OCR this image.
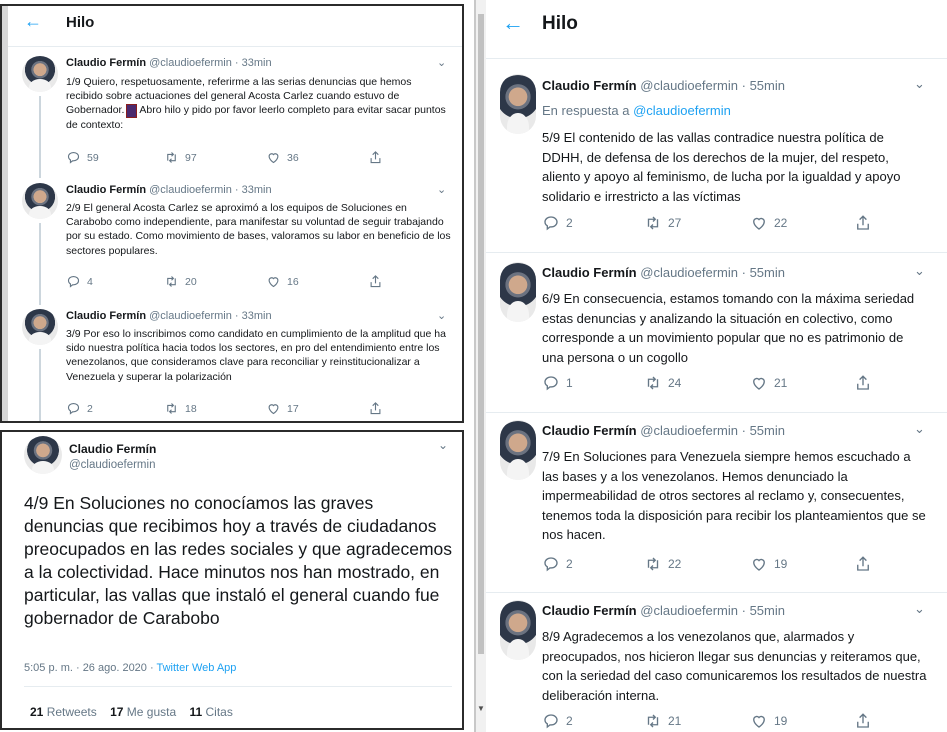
← Hilo
Claudio Fermín @claudioefermin · 33min	⌄
1/9 Quiero, respetuosamente, referirme a las serias denuncias que hemos recibido sobre actuaciones del general Acosta Carlez cuando estuvo de Gobernador. Abro hilo y pido por favor leerlo completo para evitar sacar puntos de contexto:
59	97	36
Claudio Fermín @claudioefermin · 33min	⌄
2/9 El general Acosta Carlez se aproximó a los equipos de Soluciones en Carabobo como independiente, para manifestar su voluntad de seguir trabajando por su estado. Como movimiento de bases, valoramos su labor en beneficio de los sectores populares.
4	20	16
Claudio Fermín @claudioefermin · 33min	⌄
3/9 Por eso lo inscribimos como candidato en cumplimiento de la amplitud que ha sido nuestra política hacia todos los sectores, en pro del entendimiento entre los venezolanos, que consideramos clave para reconciliar y reinstitucionalizar a Venezuela y superar la polarización
2	18	17
Claudio Fermín
@claudioefermin
⌄
4/9 En Soluciones no conocíamos las graves denuncias que recibimos hoy a través de ciudadanos preocupados en las redes sociales y que agradecemos a la colectividad. Hace minutos nos han mostrado, en particular, las vallas que instaló el general cuando fue gobernador de Carabobo
5:05 p. m. · 26 ago. 2020 · Twitter Web App
21 Retweets 17 Me gusta 11 Citas
← Hilo
Claudio Fermín @claudioefermin · 55min	⌄
En respuesta a @claudioefermin
5/9 El contenido de las vallas contradice nuestra política de DDHH, de defensa de los derechos de la mujer, del respeto, aliento y apoyo al feminismo, de lucha por la igualdad y apoyo solidario e irrestricto a las víctimas
2	27	22
Claudio Fermín @claudioefermin · 55min	⌄
6/9 En consecuencia, estamos tomando con la máxima seriedad estas denuncias y analizando la situación en colectivo, como corresponde a un movimiento popular que no es patrimonio de una persona o un cogollo
1	24	21
Claudio Fermín @claudioefermin · 55min	⌄
7/9 En Soluciones para Venezuela siempre hemos escuchado a las bases y a los venezolanos. Hemos denunciado la impermeabilidad de otros sectores al reclamo y, consecuentes, tenemos toda la disposición para recibir los planteamientos que se nos hacen.
2	22	19
Claudio Fermín @claudioefermin · 55min	⌄
8/9 Agradecemos a los venezolanos que, alarmados y preocupados, nos hicieron llegar sus denuncias y reiteramos que, con la seriedad del caso comunicaremos los resultados de nuestra deliberación interna.
2	21	19
▼
